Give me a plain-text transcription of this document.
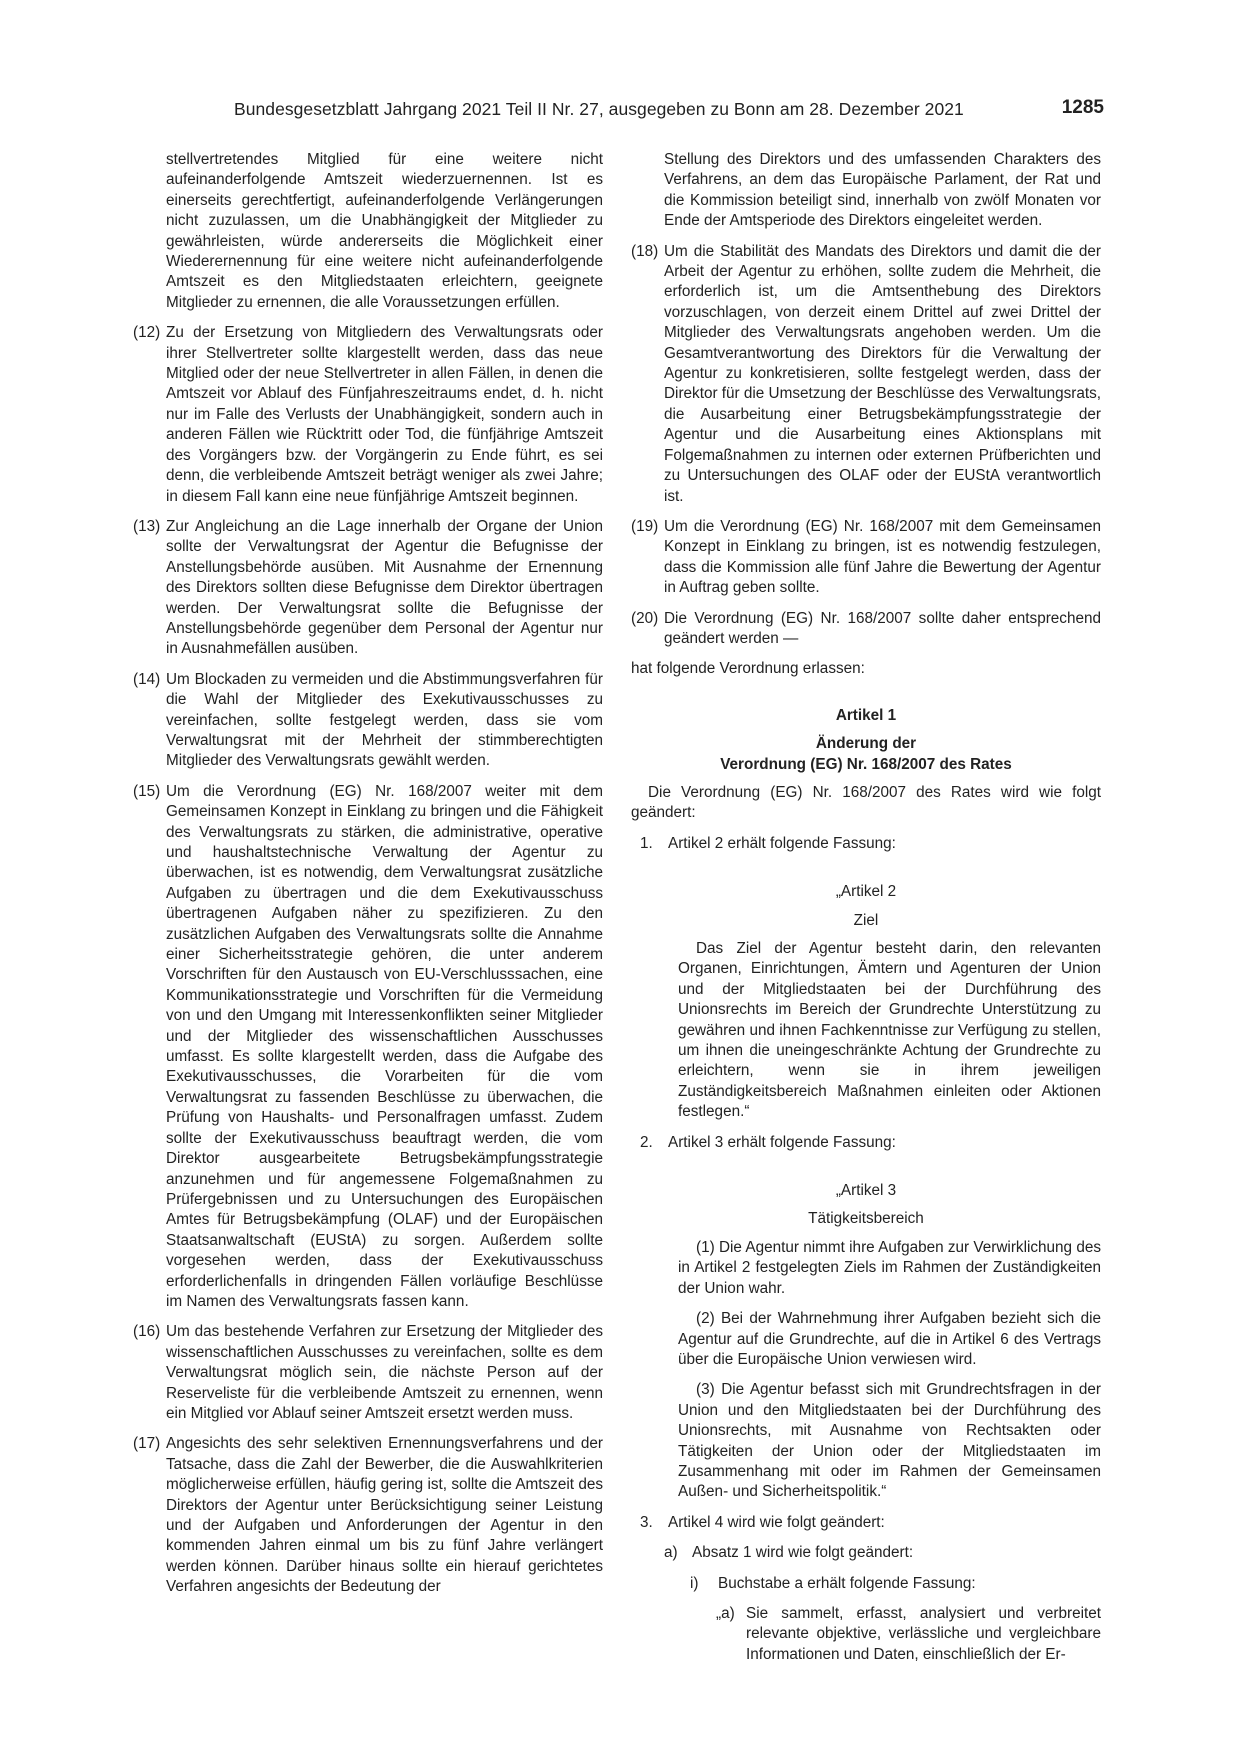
Bundesgesetzblatt Jahrgang 2021 Teil II Nr. 27, ausgegeben zu Bonn am 28. Dezember 2021	1285

stellvertretendes Mitglied für eine weitere nicht aufeinanderfolgende Amtszeit wiederzuernennen. Ist es einerseits gerechtfertigt, aufeinanderfolgende Verlängerungen nicht zuzulassen, um die Unabhängigkeit der Mitglieder zu gewährleisten, würde andererseits die Möglichkeit einer Wiederernennung für eine weitere nicht aufeinanderfolgende Amtszeit es den Mitgliedstaaten erleichtern, geeignete Mitglieder zu ernennen, die alle Voraussetzungen erfüllen.

(12) Zu der Ersetzung von Mitgliedern des Verwaltungsrats oder ihrer Stellvertreter sollte klargestellt werden, dass das neue Mitglied oder der neue Stellvertreter in allen Fällen, in denen die Amtszeit vor Ablauf des Fünfjahreszeitraums endet, d. h. nicht nur im Falle des Verlusts der Unabhängigkeit, sondern auch in anderen Fällen wie Rücktritt oder Tod, die fünfjährige Amtszeit des Vorgängers bzw. der Vorgängerin zu Ende führt, es sei denn, die verbleibende Amtszeit beträgt weniger als zwei Jahre; in diesem Fall kann eine neue fünfjährige Amtszeit beginnen.
(13) Zur Angleichung an die Lage innerhalb der Organe der Union sollte der Verwaltungsrat der Agentur die Befugnisse der Anstellungsbehörde ausüben. Mit Ausnahme der Ernennung des Direktors sollten diese Befugnisse dem Direktor übertragen werden. Der Verwaltungsrat sollte die Befugnisse der Anstellungsbehörde gegenüber dem Personal der Agentur nur in Ausnahmefällen ausüben.
(14) Um Blockaden zu vermeiden und die Abstimmungsverfahren für die Wahl der Mitglieder des Exekutivausschusses zu vereinfachen, sollte festgelegt werden, dass sie vom Verwaltungsrat mit der Mehrheit der stimmberechtigten Mitglieder des Verwaltungsrats gewählt werden.
(15) Um die Verordnung (EG) Nr. 168/2007 weiter mit dem Gemeinsamen Konzept in Einklang zu bringen und die Fähigkeit des Verwaltungsrats zu stärken, die administrative, operative und haushaltstechnische Verwaltung der Agentur zu überwachen, ist es notwendig, dem Verwaltungsrat zusätzliche Aufgaben zu übertragen und die dem Exekutivausschuss übertragenen Aufgaben näher zu spezifizieren. Zu den zusätzlichen Aufgaben des Verwaltungsrats sollte die Annahme einer Sicherheitsstrategie gehören, die unter anderem Vorschriften für den Austausch von EU-Verschlusssachen, eine Kommunikationsstrategie und Vorschriften für die Vermeidung von und den Umgang mit Interessenkonflikten seiner Mitglieder und der Mitglieder des wissenschaftlichen Ausschusses umfasst. Es sollte klargestellt werden, dass die Aufgabe des Exekutivausschusses, die Vorarbeiten für die vom Verwaltungsrat zu fassenden Beschlüsse zu überwachen, die Prüfung von Haushalts- und Personalfragen umfasst. Zudem sollte der Exekutivausschuss beauftragt werden, die vom Direktor ausgearbeitete Betrugsbekämpfungsstrategie anzunehmen und für angemessene Folgemaßnahmen zu Prüfergebnissen und zu Untersuchungen des Europäischen Amtes für Betrugsbekämpfung (OLAF) und der Europäischen Staatsanwaltschaft (EUStA) zu sorgen. Außerdem sollte vorgesehen werden, dass der Exekutivausschuss erforderlichenfalls in dringenden Fällen vorläufige Beschlüsse im Namen des Verwaltungsrats fassen kann.
(16) Um das bestehende Verfahren zur Ersetzung der Mitglieder des wissenschaftlichen Ausschusses zu vereinfachen, sollte es dem Verwaltungsrat möglich sein, die nächste Person auf der Reserveliste für die verbleibende Amtszeit zu ernennen, wenn ein Mitglied vor Ablauf seiner Amtszeit ersetzt werden muss.
(17) Angesichts des sehr selektiven Ernennungsverfahrens und der Tatsache, dass die Zahl der Bewerber, die die Auswahlkriterien möglicherweise erfüllen, häufig gering ist, sollte die Amtszeit des Direktors der Agentur unter Berücksichtigung seiner Leistung und der Aufgaben und Anforderungen der Agentur in den kommenden Jahren einmal um bis zu fünf Jahre verlängert werden können. Darüber hinaus sollte ein hierauf gerichtetes Verfahren angesichts der Bedeutung der

Stellung des Direktors und des umfassenden Charakters des Verfahrens, an dem das Europäische Parlament, der Rat und die Kommission beteiligt sind, innerhalb von zwölf Monaten vor Ende der Amtsperiode des Direktors eingeleitet werden.

(18) Um die Stabilität des Mandats des Direktors und damit die der Arbeit der Agentur zu erhöhen, sollte zudem die Mehrheit, die erforderlich ist, um die Amtsenthebung des Direktors vorzuschlagen, von derzeit einem Drittel auf zwei Drittel der Mitglieder des Verwaltungsrats angehoben werden. Um die Gesamtverantwortung des Direktors für die Verwaltung der Agentur zu konkretisieren, sollte festgelegt werden, dass der Direktor für die Umsetzung der Beschlüsse des Verwaltungsrats, die Ausarbeitung einer Betrugsbekämpfungsstrategie der Agentur und die Ausarbeitung eines Aktionsplans mit Folgemaßnahmen zu internen oder externen Prüfberichten und zu Untersuchungen des OLAF oder der EUStA verantwortlich ist.
(19) Um die Verordnung (EG) Nr. 168/2007 mit dem Gemeinsamen Konzept in Einklang zu bringen, ist es notwendig festzulegen, dass die Kommission alle fünf Jahre die Bewertung der Agentur in Auftrag geben sollte.
(20) Die Verordnung (EG) Nr. 168/2007 sollte daher entsprechend geändert werden —

hat folgende Verordnung erlassen:

Artikel 1

Änderung der

Verordnung (EG) Nr. 168/2007 des Rates

Die Verordnung (EG) Nr. 168/2007 des Rates wird wie folgt geändert:

1. Artikel 2 erhält folgende Fassung:

„Artikel 2

Ziel

Das Ziel der Agentur besteht darin, den relevanten Organen, Einrichtungen, Ämtern und Agenturen der Union und der Mitgliedstaaten bei der Durchführung des Unionsrechts im Bereich der Grundrechte Unterstützung zu gewähren und ihnen Fachkenntnisse zur Verfügung zu stellen, um ihnen die uneingeschränkte Achtung der Grundrechte zu erleichtern, wenn sie in ihrem jeweiligen Zuständigkeitsbereich Maßnahmen einleiten oder Aktionen festlegen.“

2. Artikel 3 erhält folgende Fassung:

„Artikel 3

Tätigkeitsbereich

(1) Die Agentur nimmt ihre Aufgaben zur Verwirklichung des in Artikel 2 festgelegten Ziels im Rahmen der Zuständigkeiten der Union wahr.

(2) Bei der Wahrnehmung ihrer Aufgaben bezieht sich die Agentur auf die Grundrechte, auf die in Artikel 6 des Vertrags über die Europäische Union verwiesen wird.

(3) Die Agentur befasst sich mit Grundrechtsfragen in der Union und den Mitgliedstaaten bei der Durchführung des Unionsrechts, mit Ausnahme von Rechtsakten oder Tätigkeiten der Union oder der Mitgliedstaaten im Zusammenhang mit oder im Rahmen der Gemeinsamen Außen- und Sicherheitspolitik.“

3. Artikel 4 wird wie folgt geändert:
a) Absatz 1 wird wie folgt geändert:
i) Buchstabe a erhält folgende Fassung:
„a) Sie sammelt, erfasst, analysiert und verbreitet relevante objektive, verlässliche und vergleichbare Informationen und Daten, einschließlich der Er-
